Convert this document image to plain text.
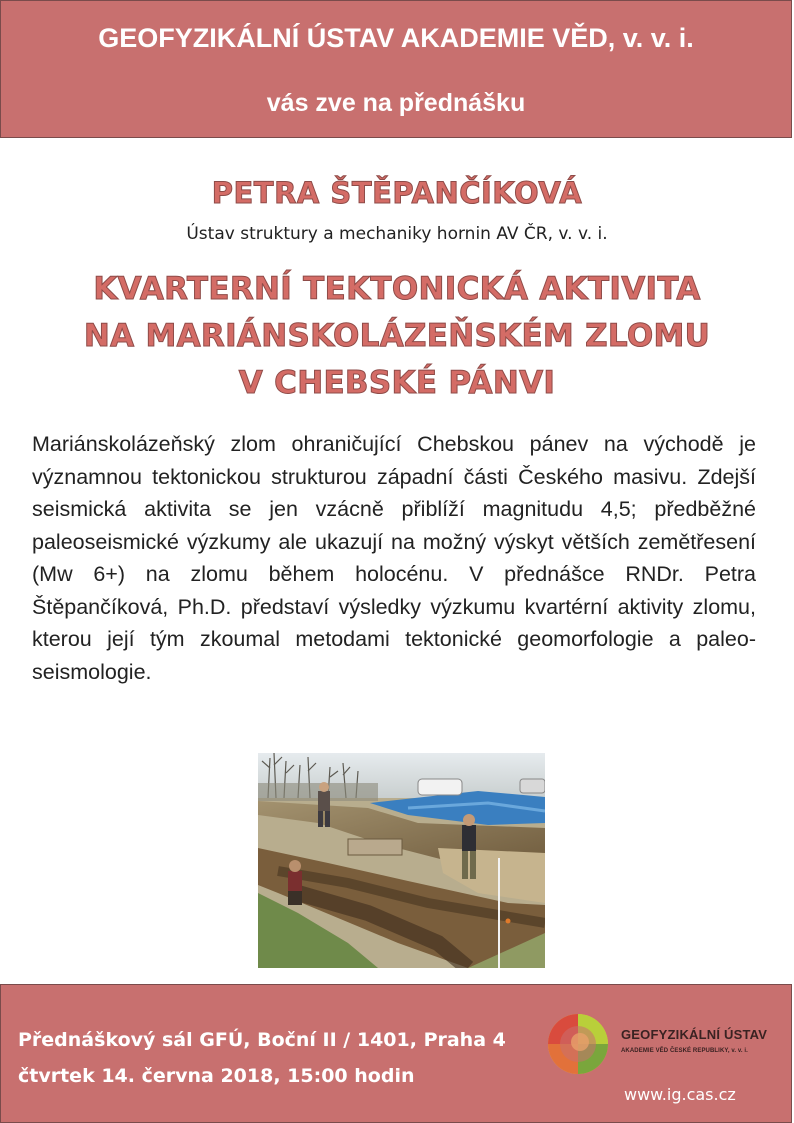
GEOFYZIKÁLNÍ ÚSTAV AKADEMIE VĚD, v. v. i.
vás zve na přednášku
PETRA ŠTĚPANČÍKOVÁ
Ústav struktury a mechaniky hornin AV ČR, v. v. i.
KVARTERNÍ TEKTONICKÁ AKTIVITA
NA MARIÁNSKOLÁZEŇSKÉM ZLOMU
V CHEBSKÉ PÁNVI
Mariánskolázeňský zlom ohraničující Chebskou pánev na východě je významnou tektonickou strukturou západní části Českého masivu. Zdejší seismická aktivita se jen vzácně přiblíží magnitudu 4,5; předběžné paleoseismické výzkumy ale ukazují na možný výskyt větších zemětřesení (Mw 6+) na zlomu během holocénu. V přednášce RNDr. Petra Štěpančíková, Ph.D. představí výsledky výzkumu kvartérní aktivity zlomu, kterou její tým zkoumal metodami tektonické geomorfologie a paleo-seismologie.
Přednáškový sál GFÚ, Boční II / 1401, Praha 4
čtvrtek 14. června 2018, 15:00 hodin
GEOFYZIKÁLNÍ ÚSTAV
AKADEMIE VĚD ČESKÉ REPUBLIKY, v. v. i.
www.ig.cas.cz
